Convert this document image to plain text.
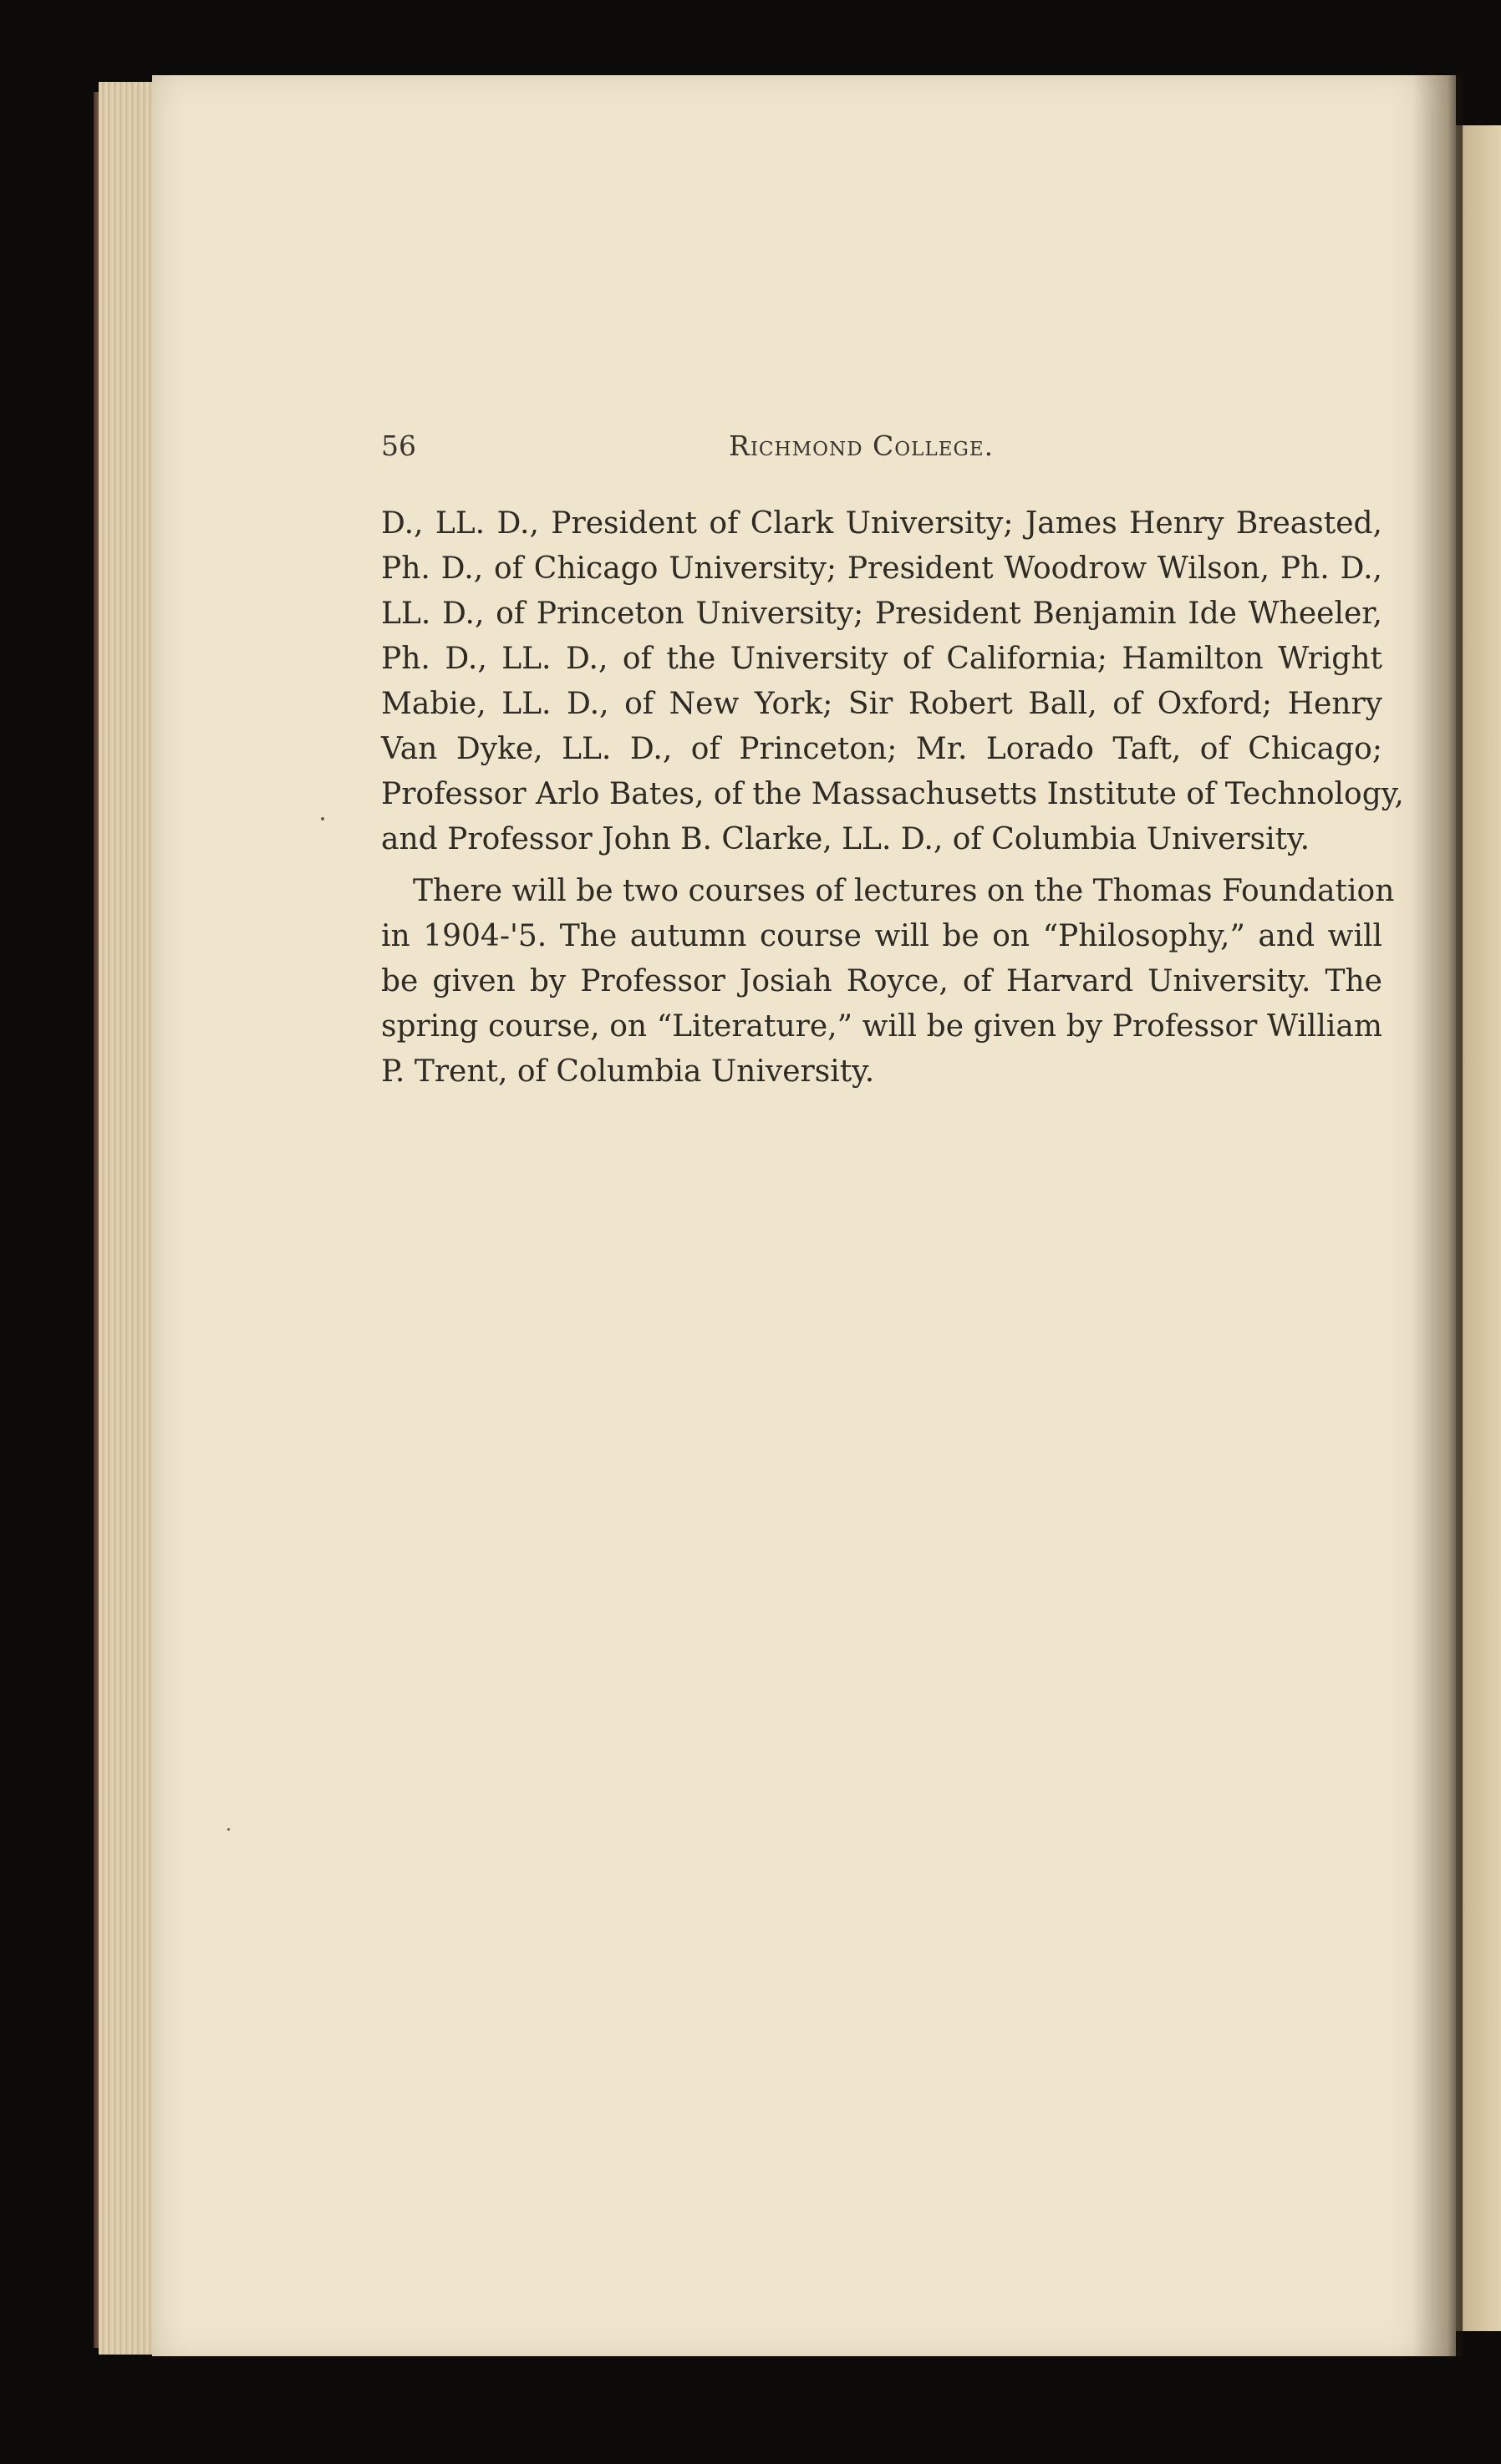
56	Richmond College.
D., LL. D., President of Clark University; James Henry Breasted,
Ph. D., of Chicago University; President Woodrow Wilson, Ph. D.,
LL. D., of Princeton University; President Benjamin Ide Wheeler,
Ph. D., LL. D., of the University of California; Hamilton Wright
Mabie, LL. D., of New York; Sir Robert Ball, of Oxford; Henry
Van Dyke, LL. D., of Princeton; Mr. Lorado Taft, of Chicago;
Professor Arlo Bates, of the Massachusetts Institute of Technology,
and Professor John B. Clarke, LL. D., of Columbia University.
There will be two courses of lectures on the Thomas Foundation
in 1904-'5. The autumn course will be on “Philosophy,” and will
be given by Professor Josiah Royce, of Harvard University. The
spring course, on “Literature,” will be given by Professor William
P. Trent, of Columbia University.
